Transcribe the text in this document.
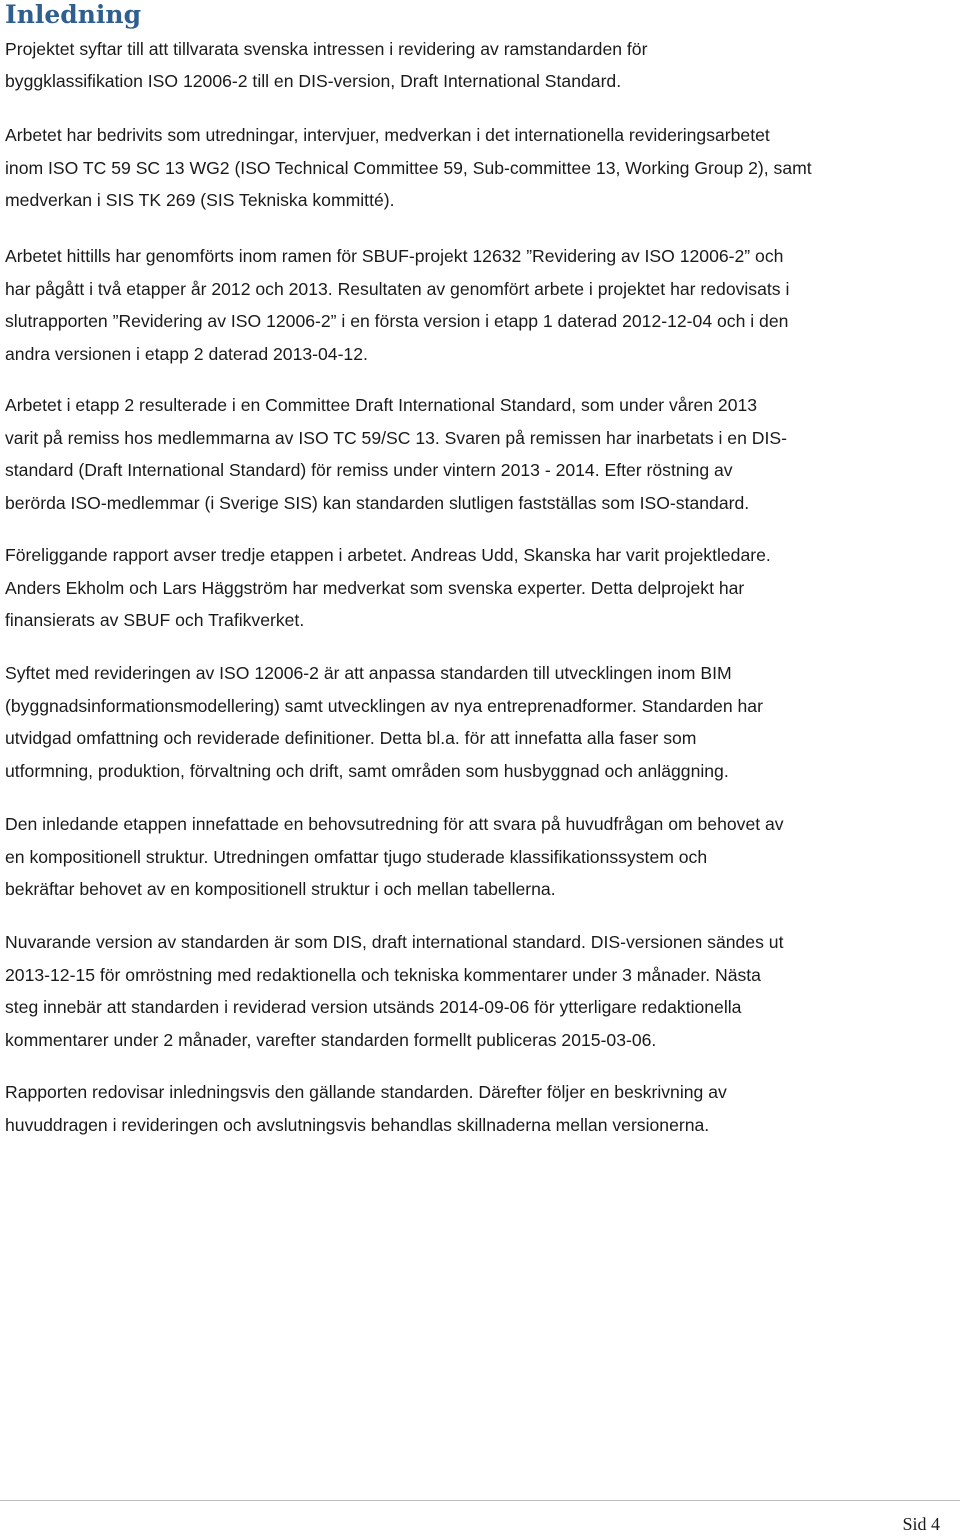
Inledning

Projektet syftar till att tillvarata svenska intressen i revidering av ramstandarden för
byggklassifikation ISO 12006-2 till en DIS-version, Draft International Standard.

Arbetet har bedrivits som utredningar, intervjuer, medverkan i det internationella revideringsarbetet
inom ISO TC 59 SC 13 WG2 (ISO Technical Committee 59, Sub-committee 13, Working Group 2), samt
medverkan i SIS TK 269 (SIS Tekniska kommitté).

Arbetet hittills har genomförts inom ramen för SBUF-projekt 12632 ”Revidering av ISO 12006-2” och
har pågått i två etapper år 2012 och 2013. Resultaten av genomfört arbete i projektet har redovisats i
slutrapporten ”Revidering av ISO 12006-2” i en första version i etapp 1 daterad 2012-12-04 och i den
andra versionen i etapp 2 daterad 2013-04-12.

Arbetet i etapp 2 resulterade i en Committee Draft International Standard, som under våren 2013
varit på remiss hos medlemmarna av ISO TC 59/SC 13. Svaren på remissen har inarbetats i en DIS-
standard (Draft International Standard) för remiss under vintern 2013 - 2014. Efter röstning av
berörda ISO-medlemmar (i Sverige SIS) kan standarden slutligen fastställas som ISO-standard.

Föreliggande rapport avser tredje etappen i arbetet. Andreas Udd, Skanska har varit projektledare.
Anders Ekholm och Lars Häggström har medverkat som svenska experter. Detta delprojekt har
finansierats av SBUF och Trafikverket.

Syftet med revideringen av ISO 12006-2 är att anpassa standarden till utvecklingen inom BIM
(byggnadsinformationsmodellering) samt utvecklingen av nya entreprenadformer. Standarden har
utvidgad omfattning och reviderade definitioner. Detta bl.a. för att innefatta alla faser som
utformning, produktion, förvaltning och drift, samt områden som husbyggnad och anläggning.

Den inledande etappen innefattade en behovsutredning för att svara på huvudfrågan om behovet av
en kompositionell struktur. Utredningen omfattar tjugo studerade klassifikationssystem och
bekräftar behovet av en kompositionell struktur i och mellan tabellerna.

Nuvarande version av standarden är som DIS, draft international standard. DIS-versionen sändes ut
2013-12-15 för omröstning med redaktionella och tekniska kommentarer under 3 månader. Nästa
steg innebär att standarden i reviderad version utsänds 2014-09-06 för ytterligare redaktionella
kommentarer under 2 månader, varefter standarden formellt publiceras 2015-03-06.

Rapporten redovisar inledningsvis den gällande standarden. Därefter följer en beskrivning av
huvuddragen i revideringen och avslutningsvis behandlas skillnaderna mellan versionerna.

Sid 4
